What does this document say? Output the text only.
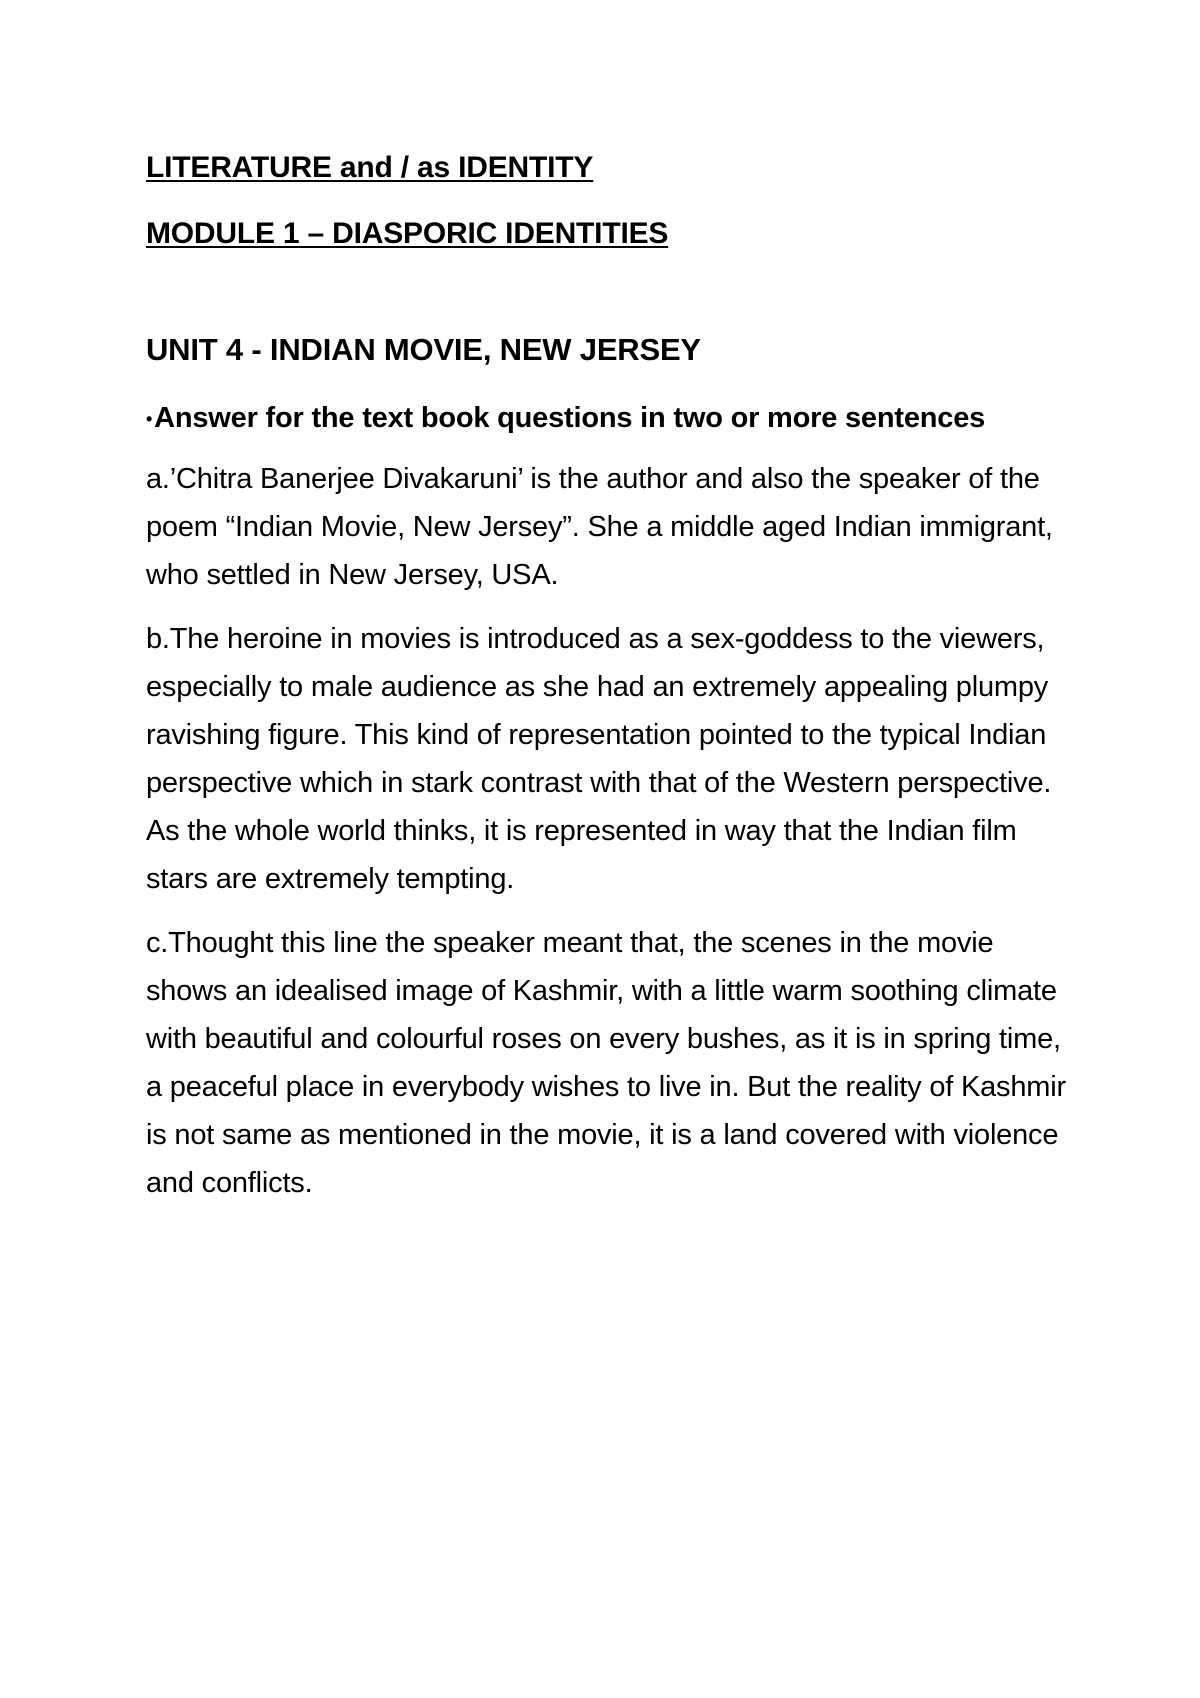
LITERATURE and / as IDENTITY
MODULE 1 – DIASPORIC IDENTITIES
UNIT 4 - INDIAN MOVIE, NEW JERSEY

•Answer for the text book questions in two or more sentences

a.’Chitra Banerjee Divakaruni’ is the author and also the speaker of the poem “Indian Movie, New Jersey”. She a middle aged Indian immigrant, who settled in New Jersey, USA.

b.The heroine in movies is introduced as a sex-goddess to the viewers, especially to male audience as she had an extremely appealing plumpy ravishing figure. This kind of representation pointed to the typical Indian perspective which in stark contrast with that of the Western perspective. As the whole world thinks, it is represented in way that the Indian film stars are extremely tempting.

c.Thought this line the speaker meant that, the scenes in the movie shows an idealised image of Kashmir, with a little warm soothing climate with beautiful and colourful roses on every bushes, as it is in spring time, a peaceful place in everybody wishes to live in. But the reality of Kashmir is not same as mentioned in the movie, it is a land covered with violence and conflicts.
